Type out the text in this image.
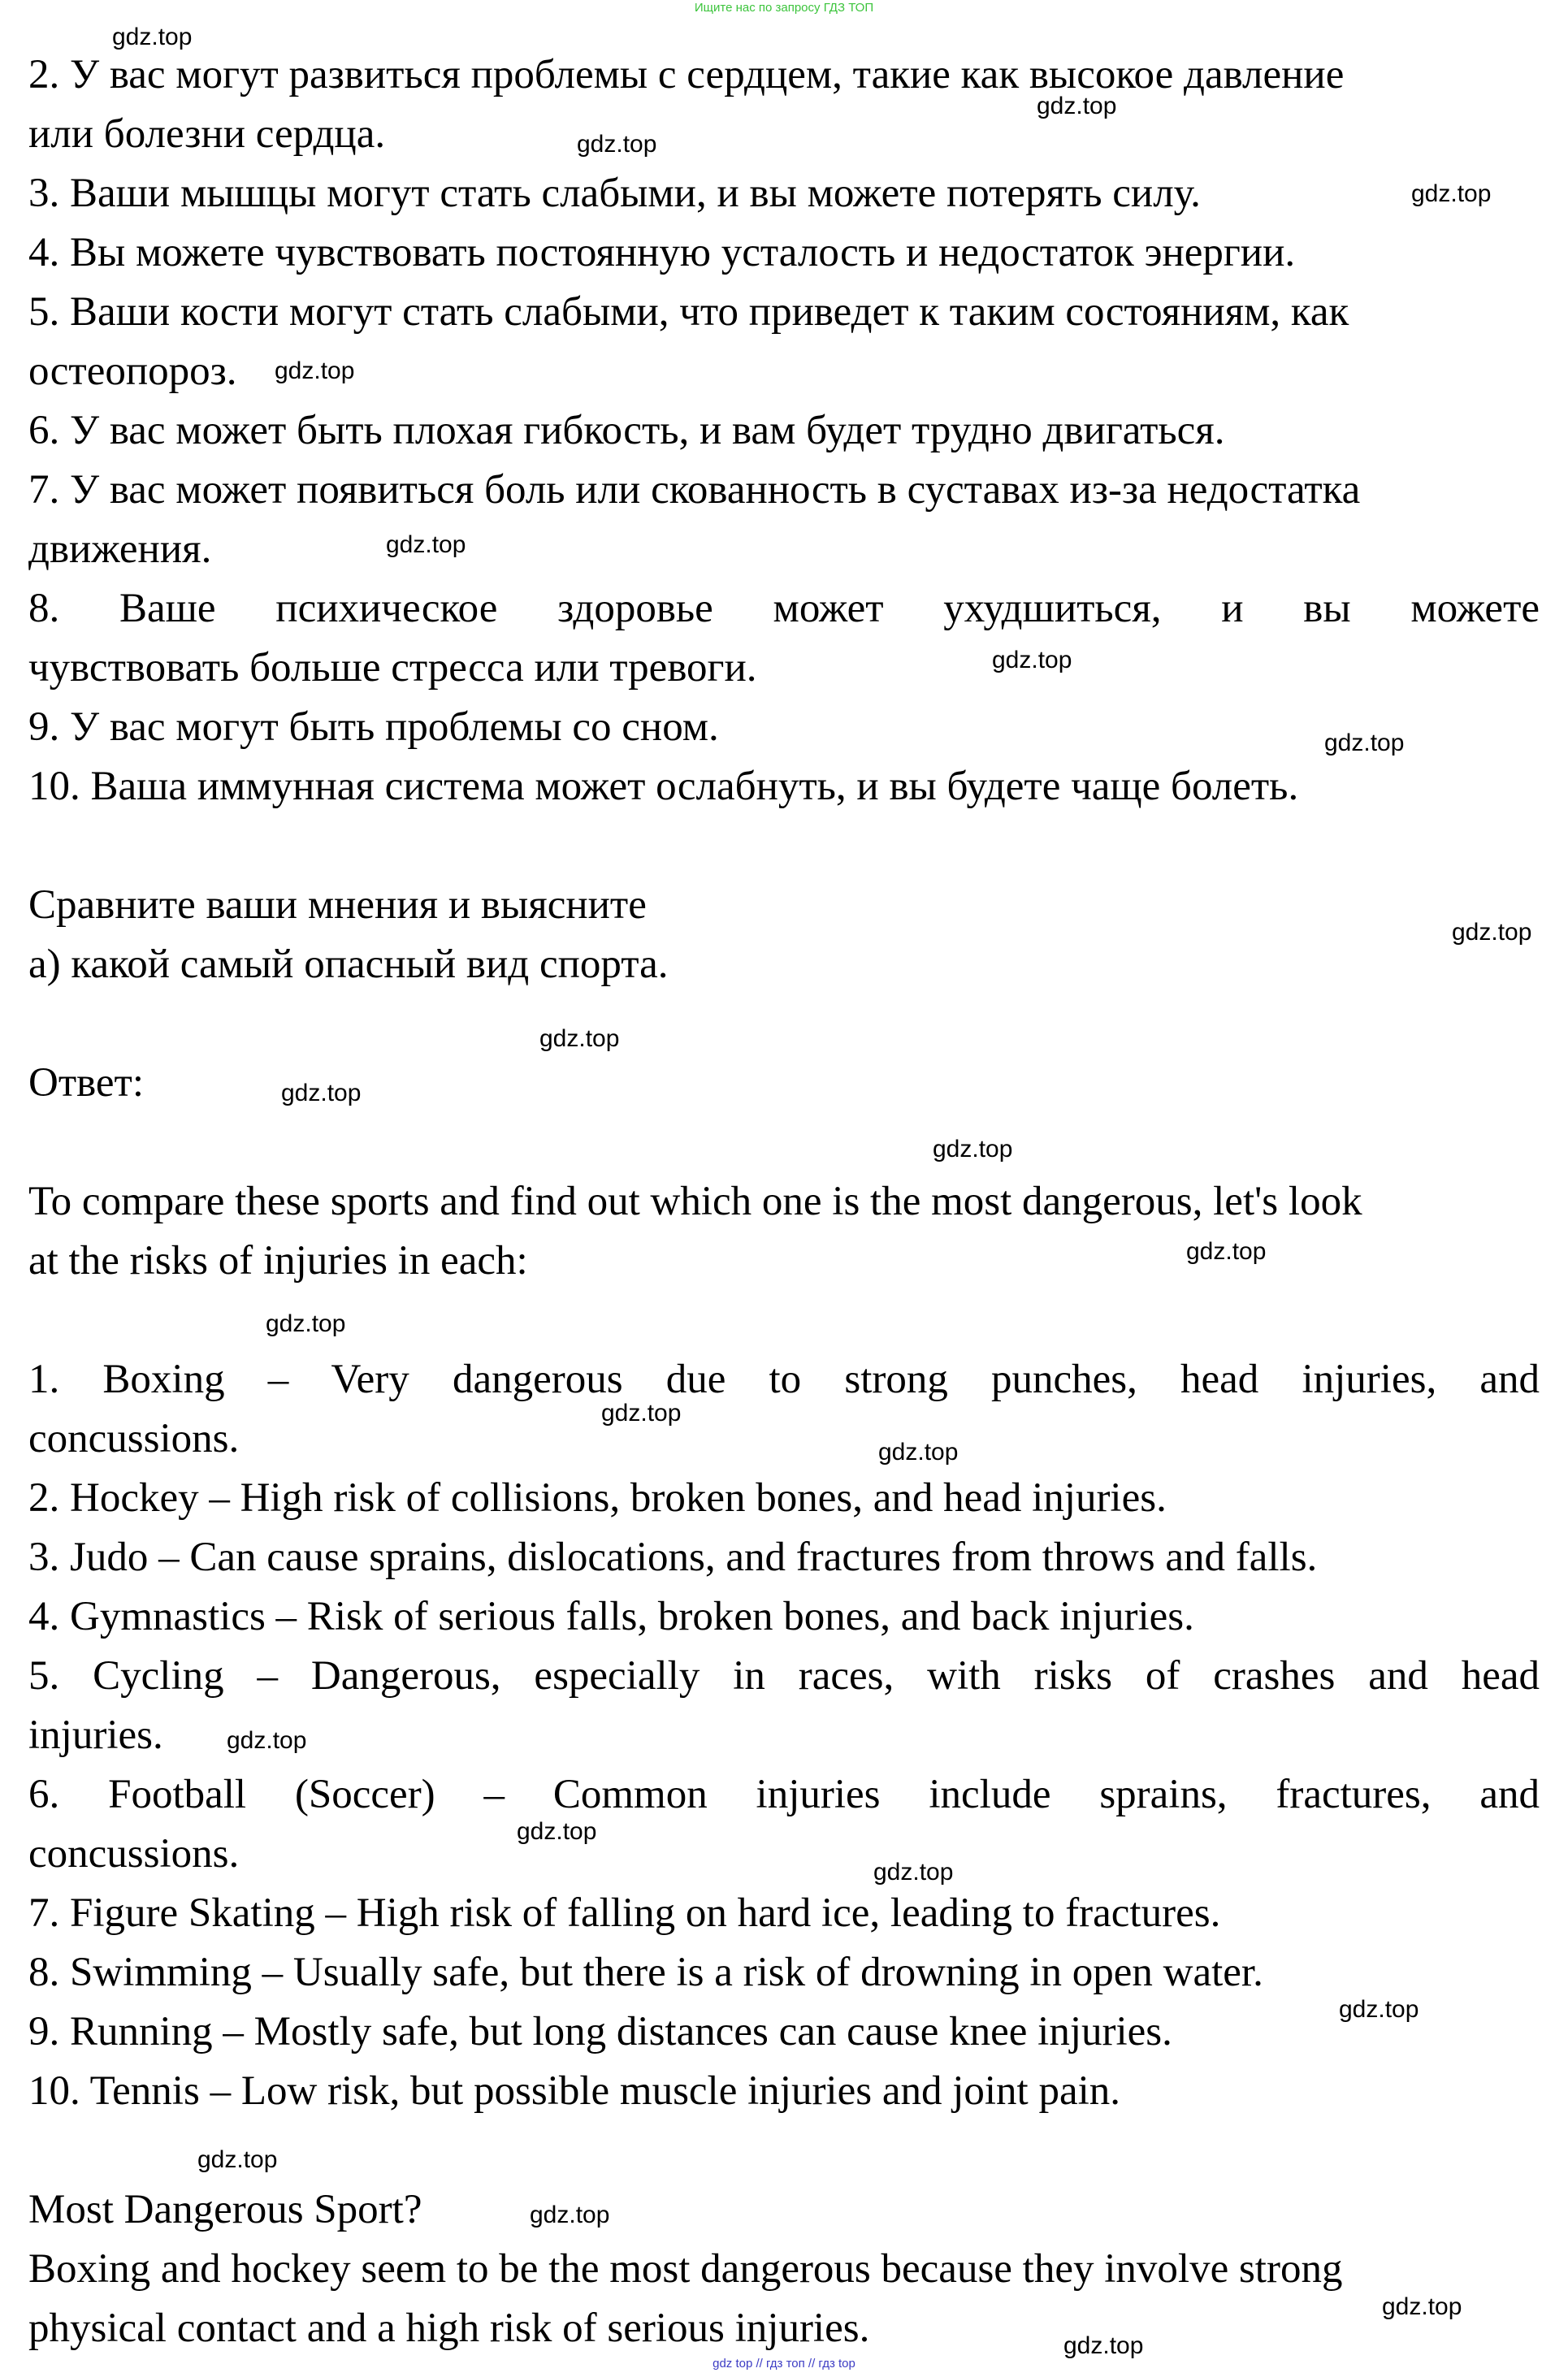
Ищите нас по запросу ГДЗ ТОП
2. У вас могут развиться проблемы с сердцем, такие как высокое давление
или болезни сердца.
3. Ваши мышцы могут стать слабыми, и вы можете потерять силу.
4. Вы можете чувствовать постоянную усталость и недостаток энергии.
5. Ваши кости могут стать слабыми, что приведет к таким состояниям, как
остеопороз.
6. У вас может быть плохая гибкость, и вам будет трудно двигаться.
7. У вас может появиться боль или скованность в суставах из-за недостатка
движения.
8. Ваше психическое здоровье может ухудшиться, и вы можете
чувствовать больше стресса или тревоги.
9. У вас могут быть проблемы со сном.
10. Ваша иммунная система может ослабнуть, и вы будете чаще болеть.
Сравните ваши мнения и выясните
а) какой самый опасный вид спорта.
Ответ:
To compare these sports and find out which one is the most dangerous, let's look
at the risks of injuries in each:
1. Boxing – Very dangerous due to strong punches, head injuries, and
concussions.
2. Hockey – High risk of collisions, broken bones, and head injuries.
3. Judo – Can cause sprains, dislocations, and fractures from throws and falls.
4. Gymnastics – Risk of serious falls, broken bones, and back injuries.
5. Cycling – Dangerous, especially in races, with risks of crashes and head
injuries.
6. Football (Soccer) – Common injuries include sprains, fractures, and
concussions.
7. Figure Skating – High risk of falling on hard ice, leading to fractures.
8. Swimming – Usually safe, but there is a risk of drowning in open water.
9. Running – Mostly safe, but long distances can cause knee injuries.
10. Tennis – Low risk, but possible muscle injuries and joint pain.
Most Dangerous Sport?
Boxing and hockey seem to be the most dangerous because they involve strong
physical contact and a high risk of serious injuries.
gdz.top
gdz.top
gdz.top
gdz.top
gdz.top
gdz.top
gdz.top
gdz.top
gdz.top
gdz.top
gdz.top
gdz.top
gdz.top
gdz.top
gdz.top
gdz.top
gdz.top
gdz.top
gdz.top
gdz.top
gdz.top
gdz.top
gdz.top
gdz.top
gdz top // гдз топ // гдз top
